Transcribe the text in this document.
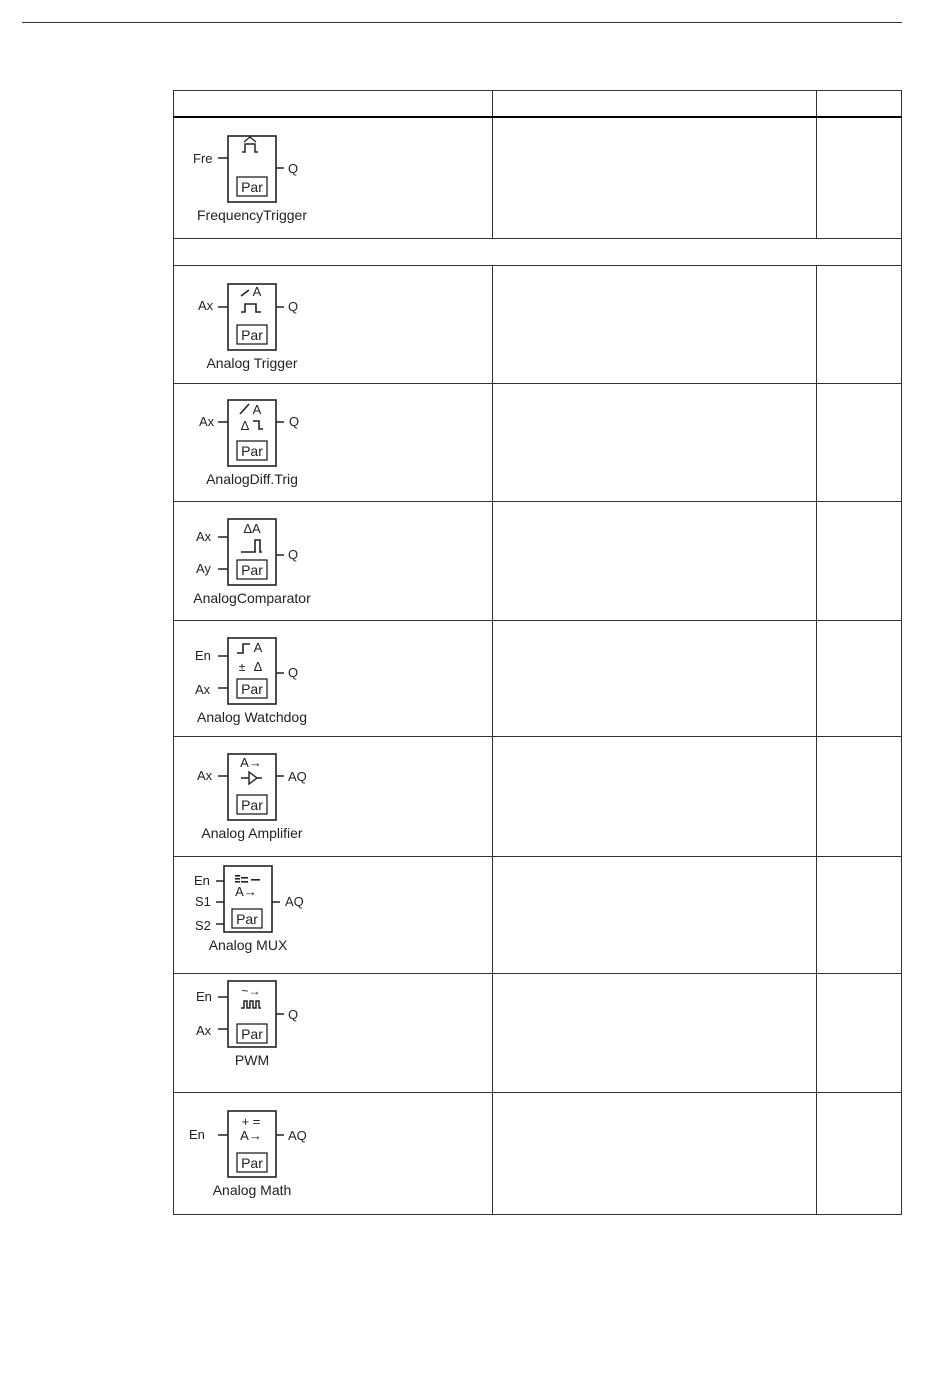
Fre
Q
Par
FrequencyTrigger
Ax	Q
A
Par
Analog Trigger
Ax	Q
A
Δ
Par
AnalogDiff.Trig
Ax
Ay
Q
ΔA
Par
AnalogComparator
En
Ax
Q
A
± Δ
Par
Analog Watchdog
Ax	AQ
A→
Par
Analog Amplifier
En
S1
S2
AQ
A→
Par
Analog MUX
En
Ax
Q
~→
Par
PWM
En	AQ
+ =
A→
Par
Analog Math
